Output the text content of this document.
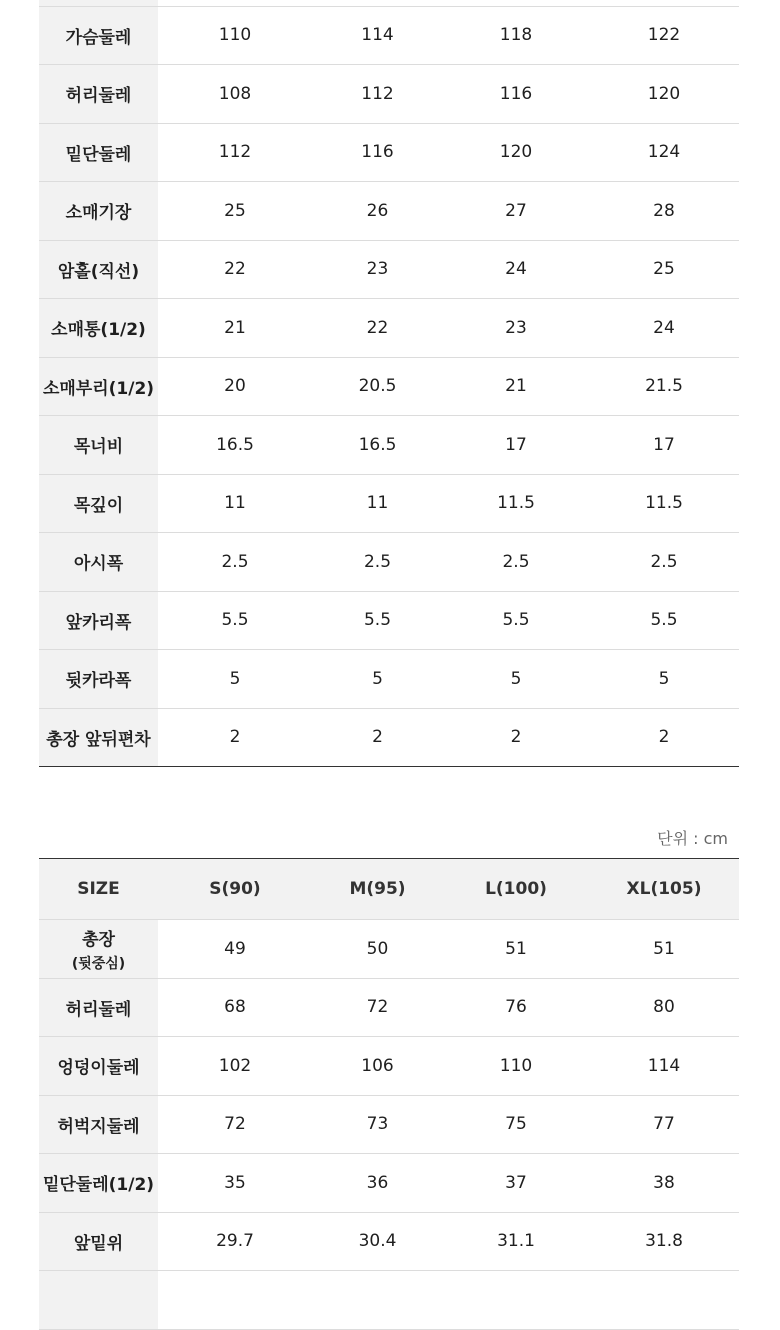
가슴둘레	110	114	118	122
허리둘레	108	112	116	120
밑단둘레	112	116	120	124
소매기장	25	26	27	28
암홀(직선)	22	23	24	25
소매통(1/2)	21	22	23	24
소매부리(1/2)	20	20.5	21	21.5
목너비	16.5	16.5	17	17
목깊이	11	11	11.5	11.5
아시폭	2.5	2.5	2.5	2.5
앞카리폭	5.5	5.5	5.5	5.5
뒷카라폭	5	5	5	5
총장 앞뒤편차	2	2	2	2
단위 : cm
SIZE	S(90)	M(95)	L(100)	XL(105)
총장
(뒷중심)	49	50	51	51
허리둘레	68	72	76	80
엉덩이둘레	102	106	110	114
허벅지둘레	72	73	75	77
밑단둘레(1/2)	35	36	37	38
앞밑위	29.7	30.4	31.1	31.8
